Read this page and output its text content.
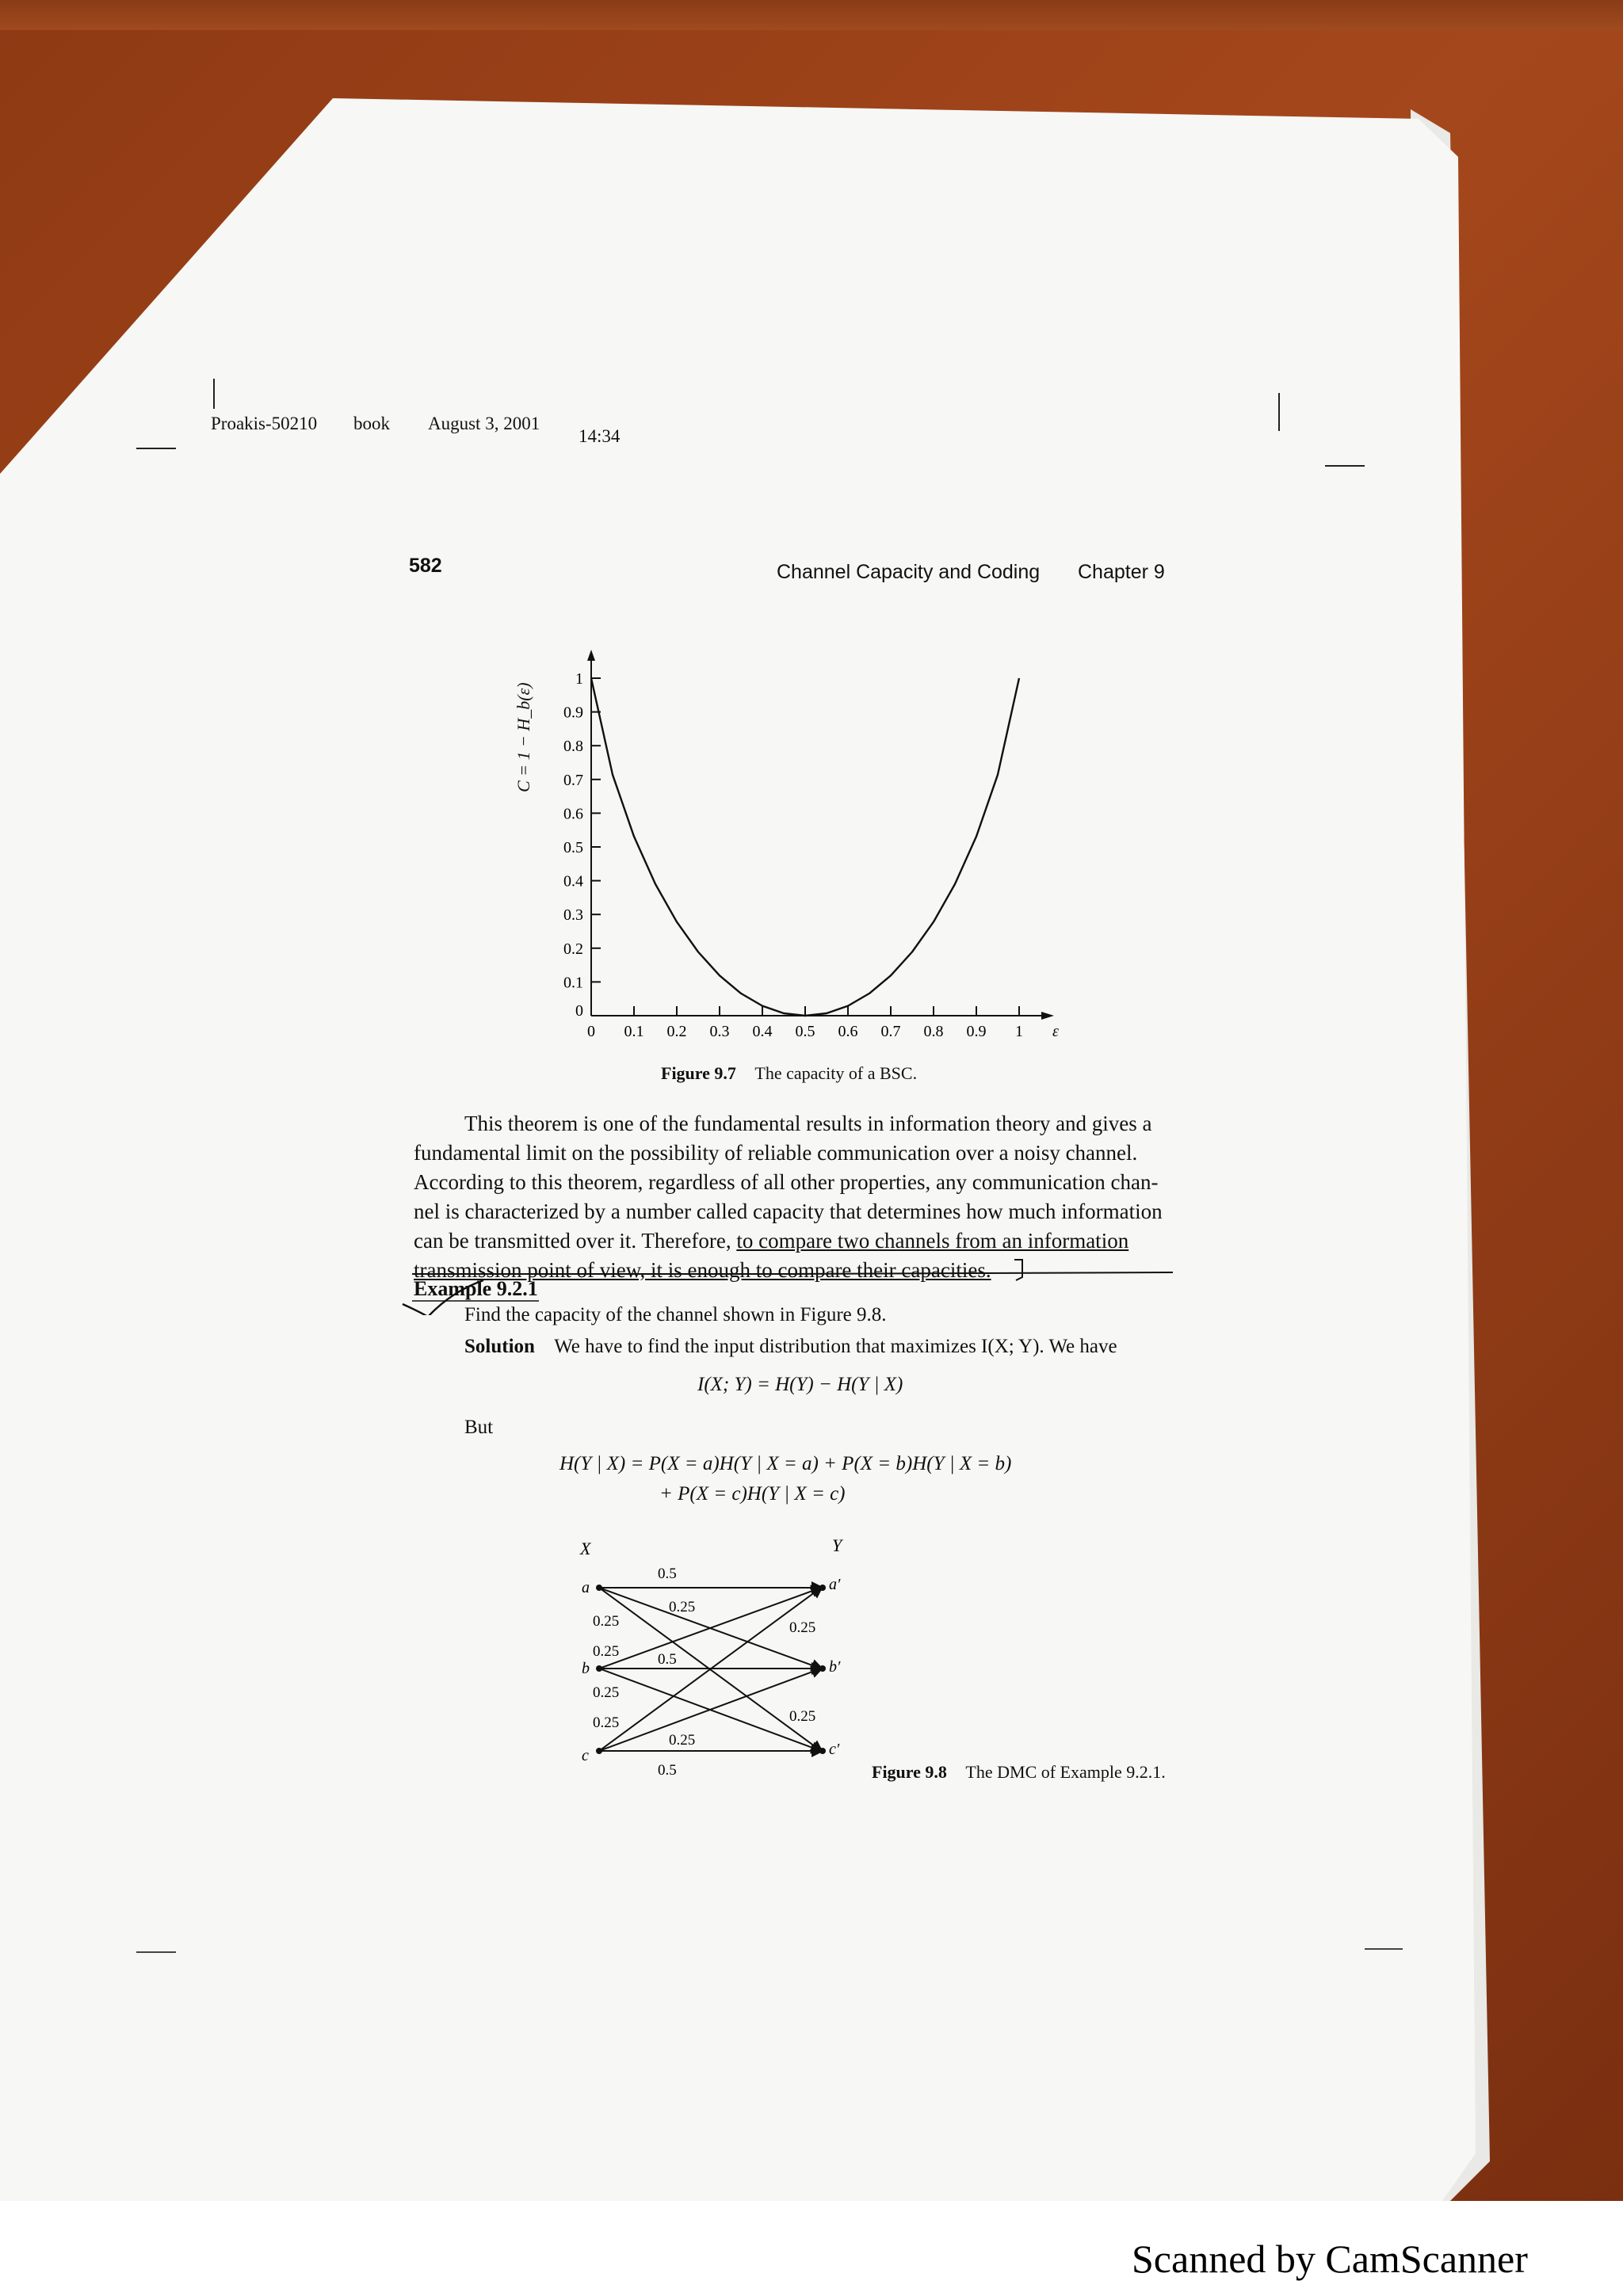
Proakis-50210 book August 3, 2001
14:34
582	Channel Capacity and Coding Chapter 9
0.1
0.2
0.3
0.4
0.5
0.6
0.7
0.8
0.9
1
0
0 0.1 0.2 0.3 0.4 0.5 0.6 0.7 0.8 0.9 1 ε
C = 1 − H_b(ε)
Figure 9.7 The capacity of a BSC.
This theorem is one of the fundamental results in information theory and gives a
fundamental limit on the possibility of reliable communication over a noisy channel.
According to this theorem, regardless of all other properties, any communication chan-
nel is characterized by a number called capacity that determines how much information
can be transmitted over it. Therefore, to compare two channels from an information
transmission point of view, it is enough to compare their capacities.
Example 9.2.1
Find the capacity of the channel shown in Figure 9.8.
Solution We have to find the input distribution that maximizes I(X; Y). We have
I(X; Y) = H(Y) − H(Y | X)
But
H(Y | X) = P(X = a)H(Y | X = a) + P(X = b)H(Y | X = b)
+ P(X = c)H(Y | X = c)
X	Y
a
b
c
a′
b′
c′
0.5
0.25
0.25	0.25
0.5
0.25
0.25
0.25	0.25
0.25
0.5
0.25
Figure 9.8 The DMC of Example 9.2.1.
Scanned by CamScanner
